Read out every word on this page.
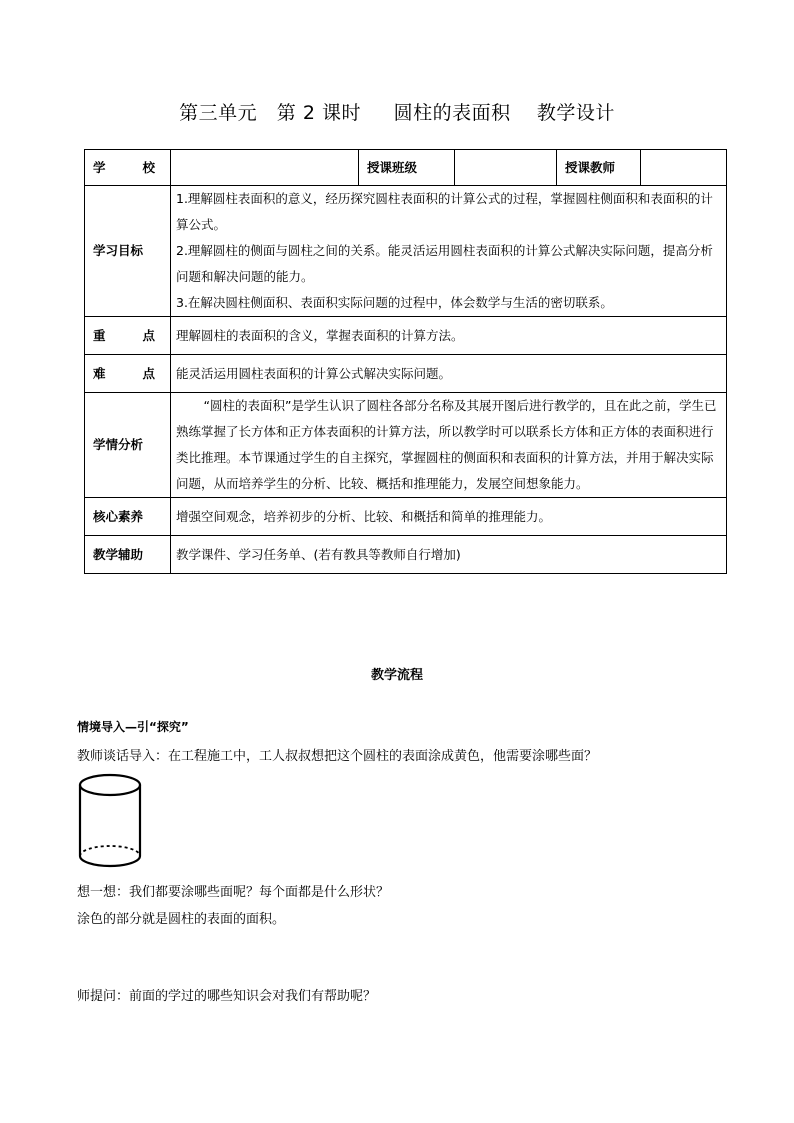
第三单元   第 2 课时     圆柱的表面积    教学设计
学 校		授课班级		授课教师	
学习目标	1.理解圆柱表面积的意义，经历探究圆柱表面积的计算公式的过程，掌握圆柱侧面积和表面积的计算公式。

2.理解圆柱的侧面与圆柱之间的关系。能灵活运用圆柱表面积的计算公式解决实际问题，提高分析问题和解决问题的能力。

3.在解决圆柱侧面积、表面积实际问题的过程中，体会数学与生活的密切联系。				

重 点	理解圆柱的表面积的含义，掌握表面积的计算方法。				

难 点	能灵活运用圆柱表面积的计算公式解决实际问题。				
学情分析	“圆柱的表面积”是学生认识了圆柱各部分名称及其展开图后进行教学的，且在此之前，学生已熟练掌握了长方体和正方体表面积的计算方法，所以教学时可以联系长方体和正方体的表面积进行类比推理。本节课通过学生的自主探究，掌握圆柱的侧面积和表面积的计算方法，并用于解决实际问题，从而培养学生的分析、比较、概括和推理能力，发展空间想象能力。				

核心素养	增强空间观念，培养初步的分析、比较、和概括和简单的推理能力。				
教学辅助	教学课件、学习任务单、(若有教具等教师自行增加)				
教学流程
情境导入—引“探究”
教师谈话导入：在工程施工中，工人叔叔想把这个圆柱的表面涂成黄色，他需要涂哪些面？
想一想：我们都要涂哪些面呢？每个面都是什么形状？
涂色的部分就是圆柱的表面的面积。
师提问：前面的学过的哪些知识会对我们有帮助呢？
